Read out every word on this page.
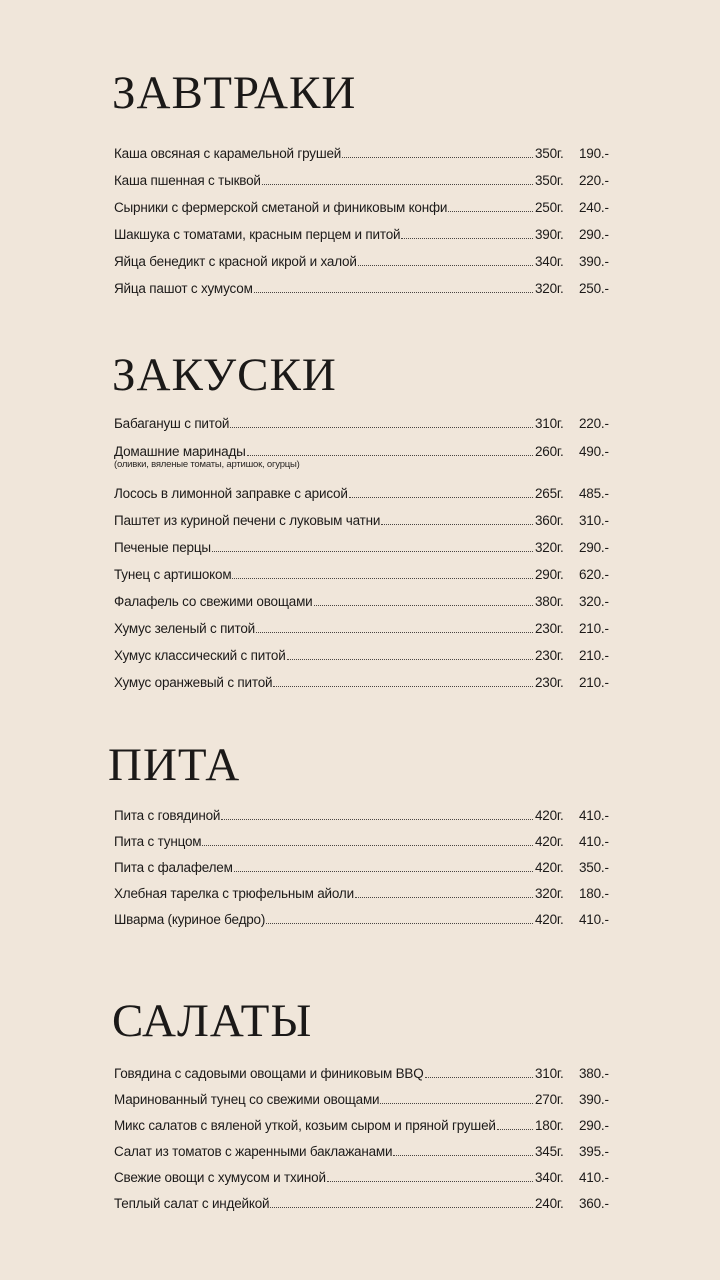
ЗАВТРАКИ
Каша овсяная с карамельной грушей	350г.	190.-
Каша пшенная с тыквой	350г.	220.-
Сырники с фермерской сметаной и финиковым конфи	250г.	240.-
Шакшука с томатами, красным перцем и питой	390г.	290.-
Яйца бенедикт с красной икрой и халой	340г.	390.-
Яйца пашот с хумусом	320г.	250.-
ЗАКУСКИ
Бабагануш с питой	310г.	220.-
Домашние маринады	260г.	490.-
(оливки, вяленые томаты, артишок, огурцы)
Лосось в лимонной заправке с арисой	265г.	485.-
Паштет из куриной печени с луковым чатни	360г.	310.-
Печеные перцы	320г.	290.-
Тунец с артишоком	290г.	620.-
Фалафель со свежими овощами	380г.	320.-
Хумус зеленый с питой	230г.	210.-
Хумус классический с питой	230г.	210.-
Хумус оранжевый с питой	230г.	210.-
ПИТА
Пита с говядиной	420г.	410.-
Пита с тунцом	420г.	410.-
Пита с фалафелем	420г.	350.-
Хлебная тарелка с трюфельным айоли	320г.	180.-
Шварма (куриное бедро)	420г.	410.-
САЛАТЫ
Говядина с садовыми овощами и финиковым BBQ	310г.	380.-
Маринованный тунец со свежими овощами	270г.	390.-
Микс салатов с вяленой уткой, козьим сыром и пряной грушей	180г.	290.-
Салат из томатов с жаренными баклажанами	345г.	395.-
Свежие овощи с хумусом и тхиной	340г.	410.-
Теплый салат с индейкой	240г.	360.-
